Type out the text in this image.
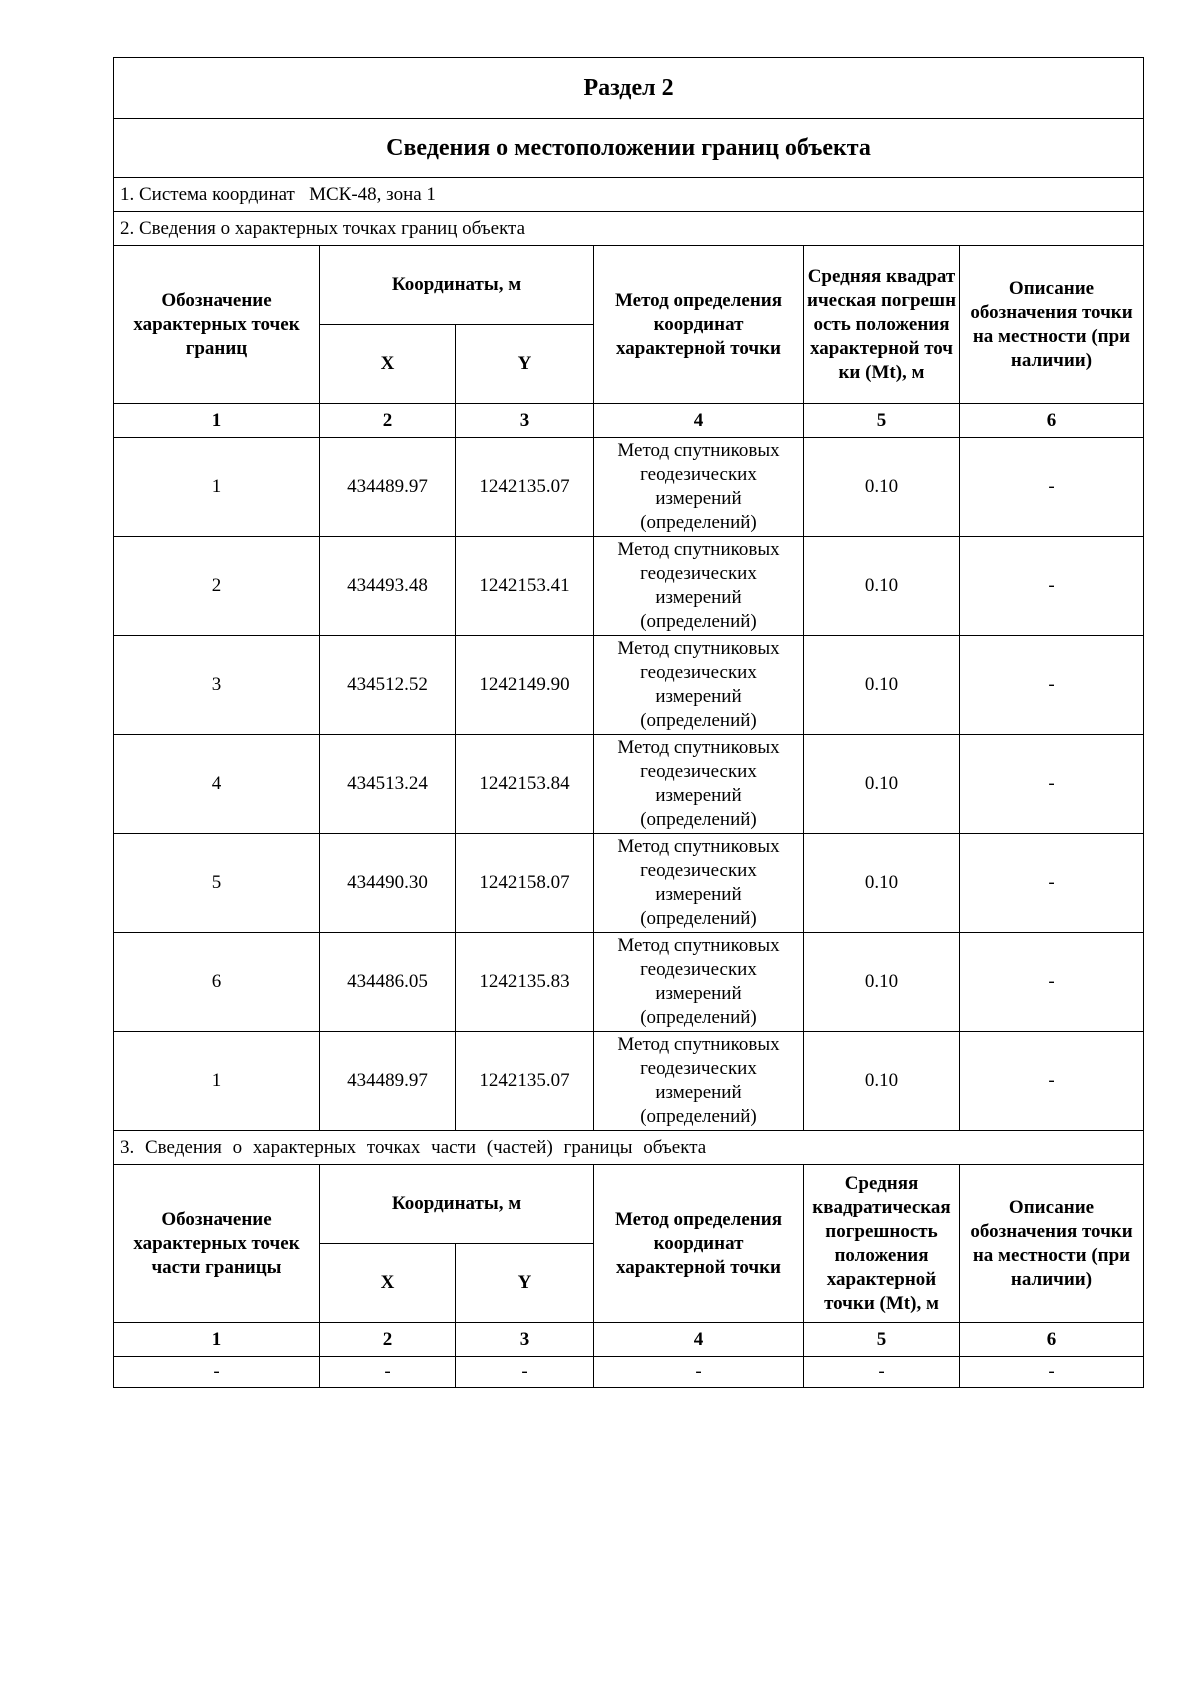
Раздел 2					
Сведения о местоположении границ объекта					
1. Система координат МСК-48, зона 1					
2. Сведения о характерных точках границ объекта					
Обозначение характерных точек границ	Координаты, м		Метод определения координат характерной точки	Средняя квадратическая погрешность положения характерной точки (Mt), м	Описание обозначения точки на местности (при наличии)
	X	Y			
1	2	3	4	5	6
1	434489.97	1242135.07	Метод спутниковых геодезических измерений (определений)	0.10	-
2	434493.48	1242153.41	Метод спутниковых геодезических измерений (определений)	0.10	-
3	434512.52	1242149.90	Метод спутниковых геодезических измерений (определений)	0.10	-
4	434513.24	1242153.84	Метод спутниковых геодезических измерений (определений)	0.10	-
5	434490.30	1242158.07	Метод спутниковых геодезических измерений (определений)	0.10	-
6	434486.05	1242135.83	Метод спутниковых геодезических измерений (определений)	0.10	-
1	434489.97	1242135.07	Метод спутниковых геодезических измерений (определений)	0.10	-
3. Сведения о характерных точках части (частей) границы объекта					
Обозначение характерных точек части границы	Координаты, м		Метод определения координат характерной точки	Средняя квадратическая погрешность положения характерной точки (Mt), м	Описание обозначения точки на местности (при наличии)
	X	Y			
1	2	3	4	5	6
-	-	-	-	-	-
